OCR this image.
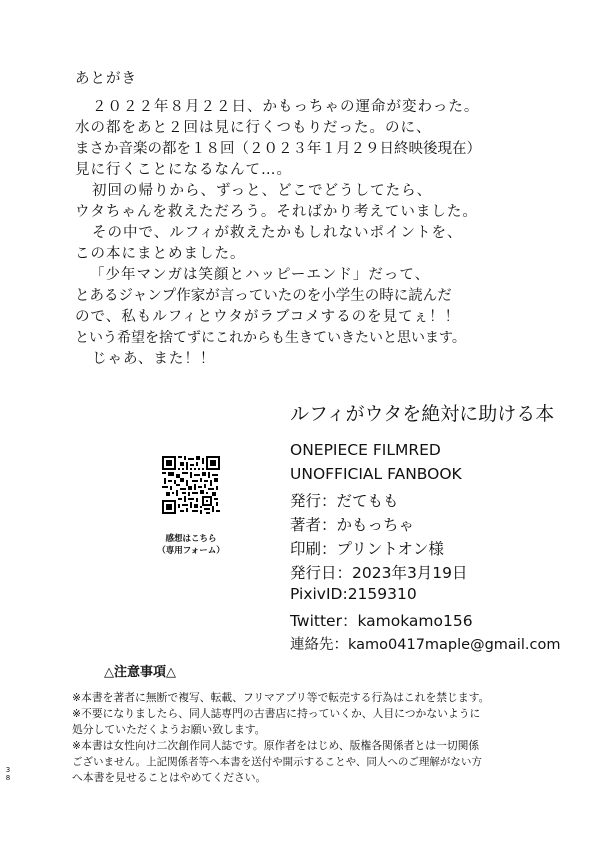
あとがき
２０２２年８月２２日、かもっちゃの運命が変わった。
水の都をあと２回は見に行くつもりだった。のに、
まさか音楽の都を１８回（２０２３年１月２９日終映後現在）
見に行くことになるなんて…。
初回の帰りから、ずっと、どこでどうしてたら、
ウタちゃんを救えただろう。そればかり考えていました。
その中で、ルフィが救えたかもしれないポイントを、
この本にまとめました。
「少年マンガは笑顔とハッピーエンド」だって、
とあるジャンプ作家が言っていたのを小学生の時に読んだ
ので、私もルフィとウタがラブコメするのを見てぇ！！
という希望を捨てずにこれからも生きていきたいと思います。
じゃあ、また！！
ルフィがウタを絶対に助ける本
感想はこちら
（専用フォーム）
ONEPIECE FILMRED
UNOFFICIAL FANBOOK
発行：だてもも
著者：かもっちゃ
印刷：プリントオン様
発行日：2023年3月19日
PixivID:2159310
Twitter：kamokamo156
連絡先：kamo0417maple@gmail.com
△注意事項△
※本書を著者に無断で複写、転載、フリマアプリ等で転売する行為はこれを禁じます。
※不要になりましたら、同人誌専門の古書店に持っていくか、人目につかないように
処分していただくようお願い致します。
※本書は女性向け二次創作同人誌です。原作者をはじめ、版権各関係者とは一切関係
ございません。上記関係者等へ本書を送付や開示することや、同人へのご理解がない方
へ本書を見せることはやめてください。
3
8
